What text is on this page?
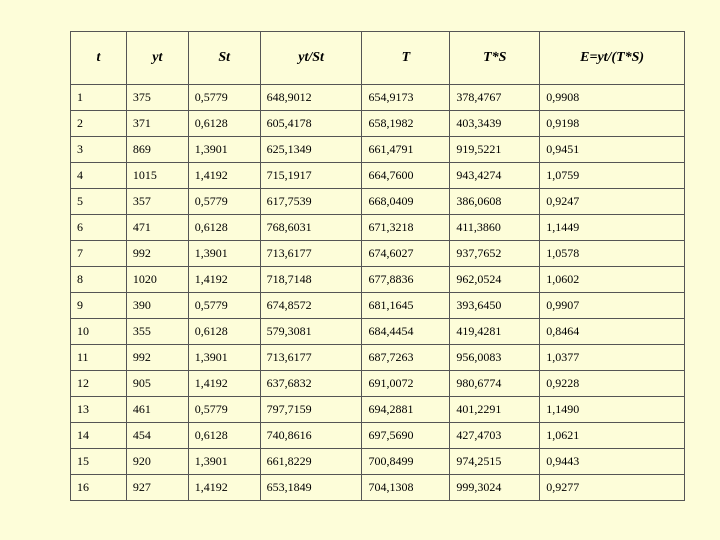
t	yt	St	yt/St	T	T*S	E=yt/(T*S)
1	375	0,5779	648,9012	654,9173	378,4767	0,9908
2	371	0,6128	605,4178	658,1982	403,3439	0,9198
3	869	1,3901	625,1349	661,4791	919,5221	0,9451
4	1015	1,4192	715,1917	664,7600	943,4274	1,0759
5	357	0,5779	617,7539	668,0409	386,0608	0,9247
6	471	0,6128	768,6031	671,3218	411,3860	1,1449
7	992	1,3901	713,6177	674,6027	937,7652	1,0578
8	1020	1,4192	718,7148	677,8836	962,0524	1,0602
9	390	0,5779	674,8572	681,1645	393,6450	0,9907
10	355	0,6128	579,3081	684,4454	419,4281	0,8464
11	992	1,3901	713,6177	687,7263	956,0083	1,0377
12	905	1,4192	637,6832	691,0072	980,6774	0,9228
13	461	0,5779	797,7159	694,2881	401,2291	1,1490
14	454	0,6128	740,8616	697,5690	427,4703	1,0621
15	920	1,3901	661,8229	700,8499	974,2515	0,9443
16	927	1,4192	653,1849	704,1308	999,3024	0,9277
